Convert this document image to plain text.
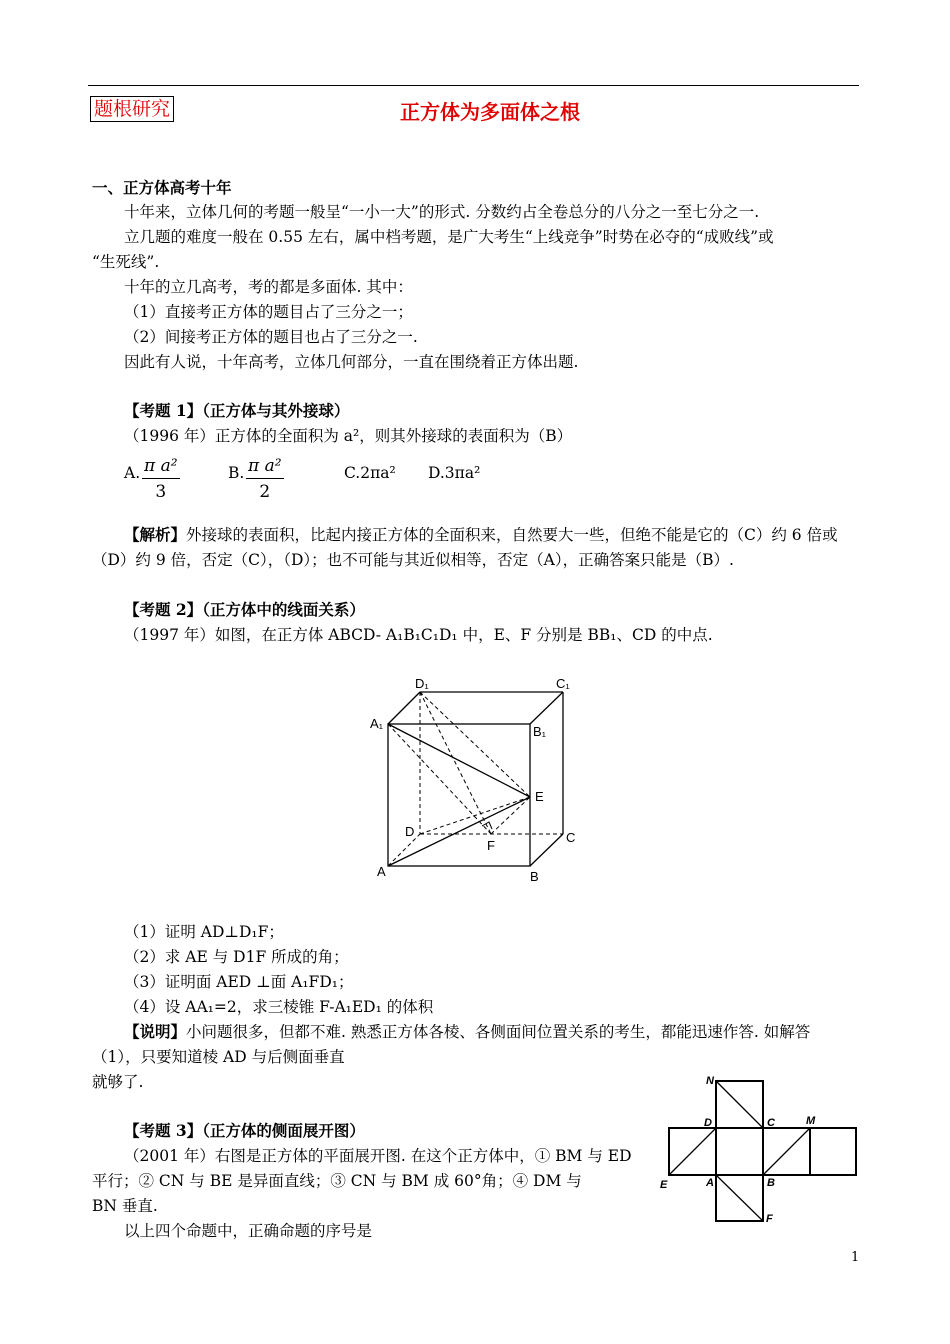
题根研究	正方体为多面体之根
一、正方体高考十年
十年来，立体几何的考题一般呈“一小一大”的形式. 分数约占全卷总分的八分之一至七分之一.
立几题的难度一般在 0.55 左右，属中档考题，是广大考生“上线竞争”时势在必夺的“成败线”或
“生死线”.
十年的立几高考，考的都是多面体. 其中：
（1）直接考正方体的题目占了三分之一；
（2）间接考正方体的题目也占了三分之一.
因此有人说，十年高考，立体几何部分，一直在围绕着正方体出题.
【考题 1】（正方体与其外接球）
（1996 年）正方体的全面积为 a²，则其外接球的表面积为（B）
A. $\frac{\text{π a²}}{3}$	B. $\frac{\text{π a²}}{2}$	C.2πa² D.3πa²
【解析】外接球的表面积，比起内接正方体的全面积来，自然要大一些，但绝不能是它的（C）约 6 倍或
（D）约 9 倍，否定（C），（D）；也不可能与其近似相等，否定（A），正确答案只能是（B）.
【考题 2】（正方体中的线面关系）
（1997 年）如图，在正方体 ABCD- A₁B₁C₁D₁ 中，E、F 分别是 BB₁、CD 的中点.
D₁	C₁
A₁
B₁
E
D	C
F
A	B
（1）证明 AD⊥D₁F；
（2）求 AE 与 D1F 所成的角；
（3）证明面 AED ⊥面 A₁FD₁；
（4）设 AA₁=2，求三棱锥 F-A₁ED₁ 的体积
【说明】小问题很多，但都不难. 熟悉正方体各棱、各侧面间位置关系的考生，都能迅速作答. 如解答
（1），只要知道棱 AD 与后侧面垂直
就够了.
【考题 3】（正方体的侧面展开图）
（2001 年）右图是正方体的平面展开图. 在这个正方体中，① BM 与 ED
平行；② CN 与 BE 是异面直线；③ CN 与 BM 成 60°角；④ DM 与
BN 垂直.
以上四个命题中，正确命题的序号是
N
D	C	M
E	A	B
F
1
